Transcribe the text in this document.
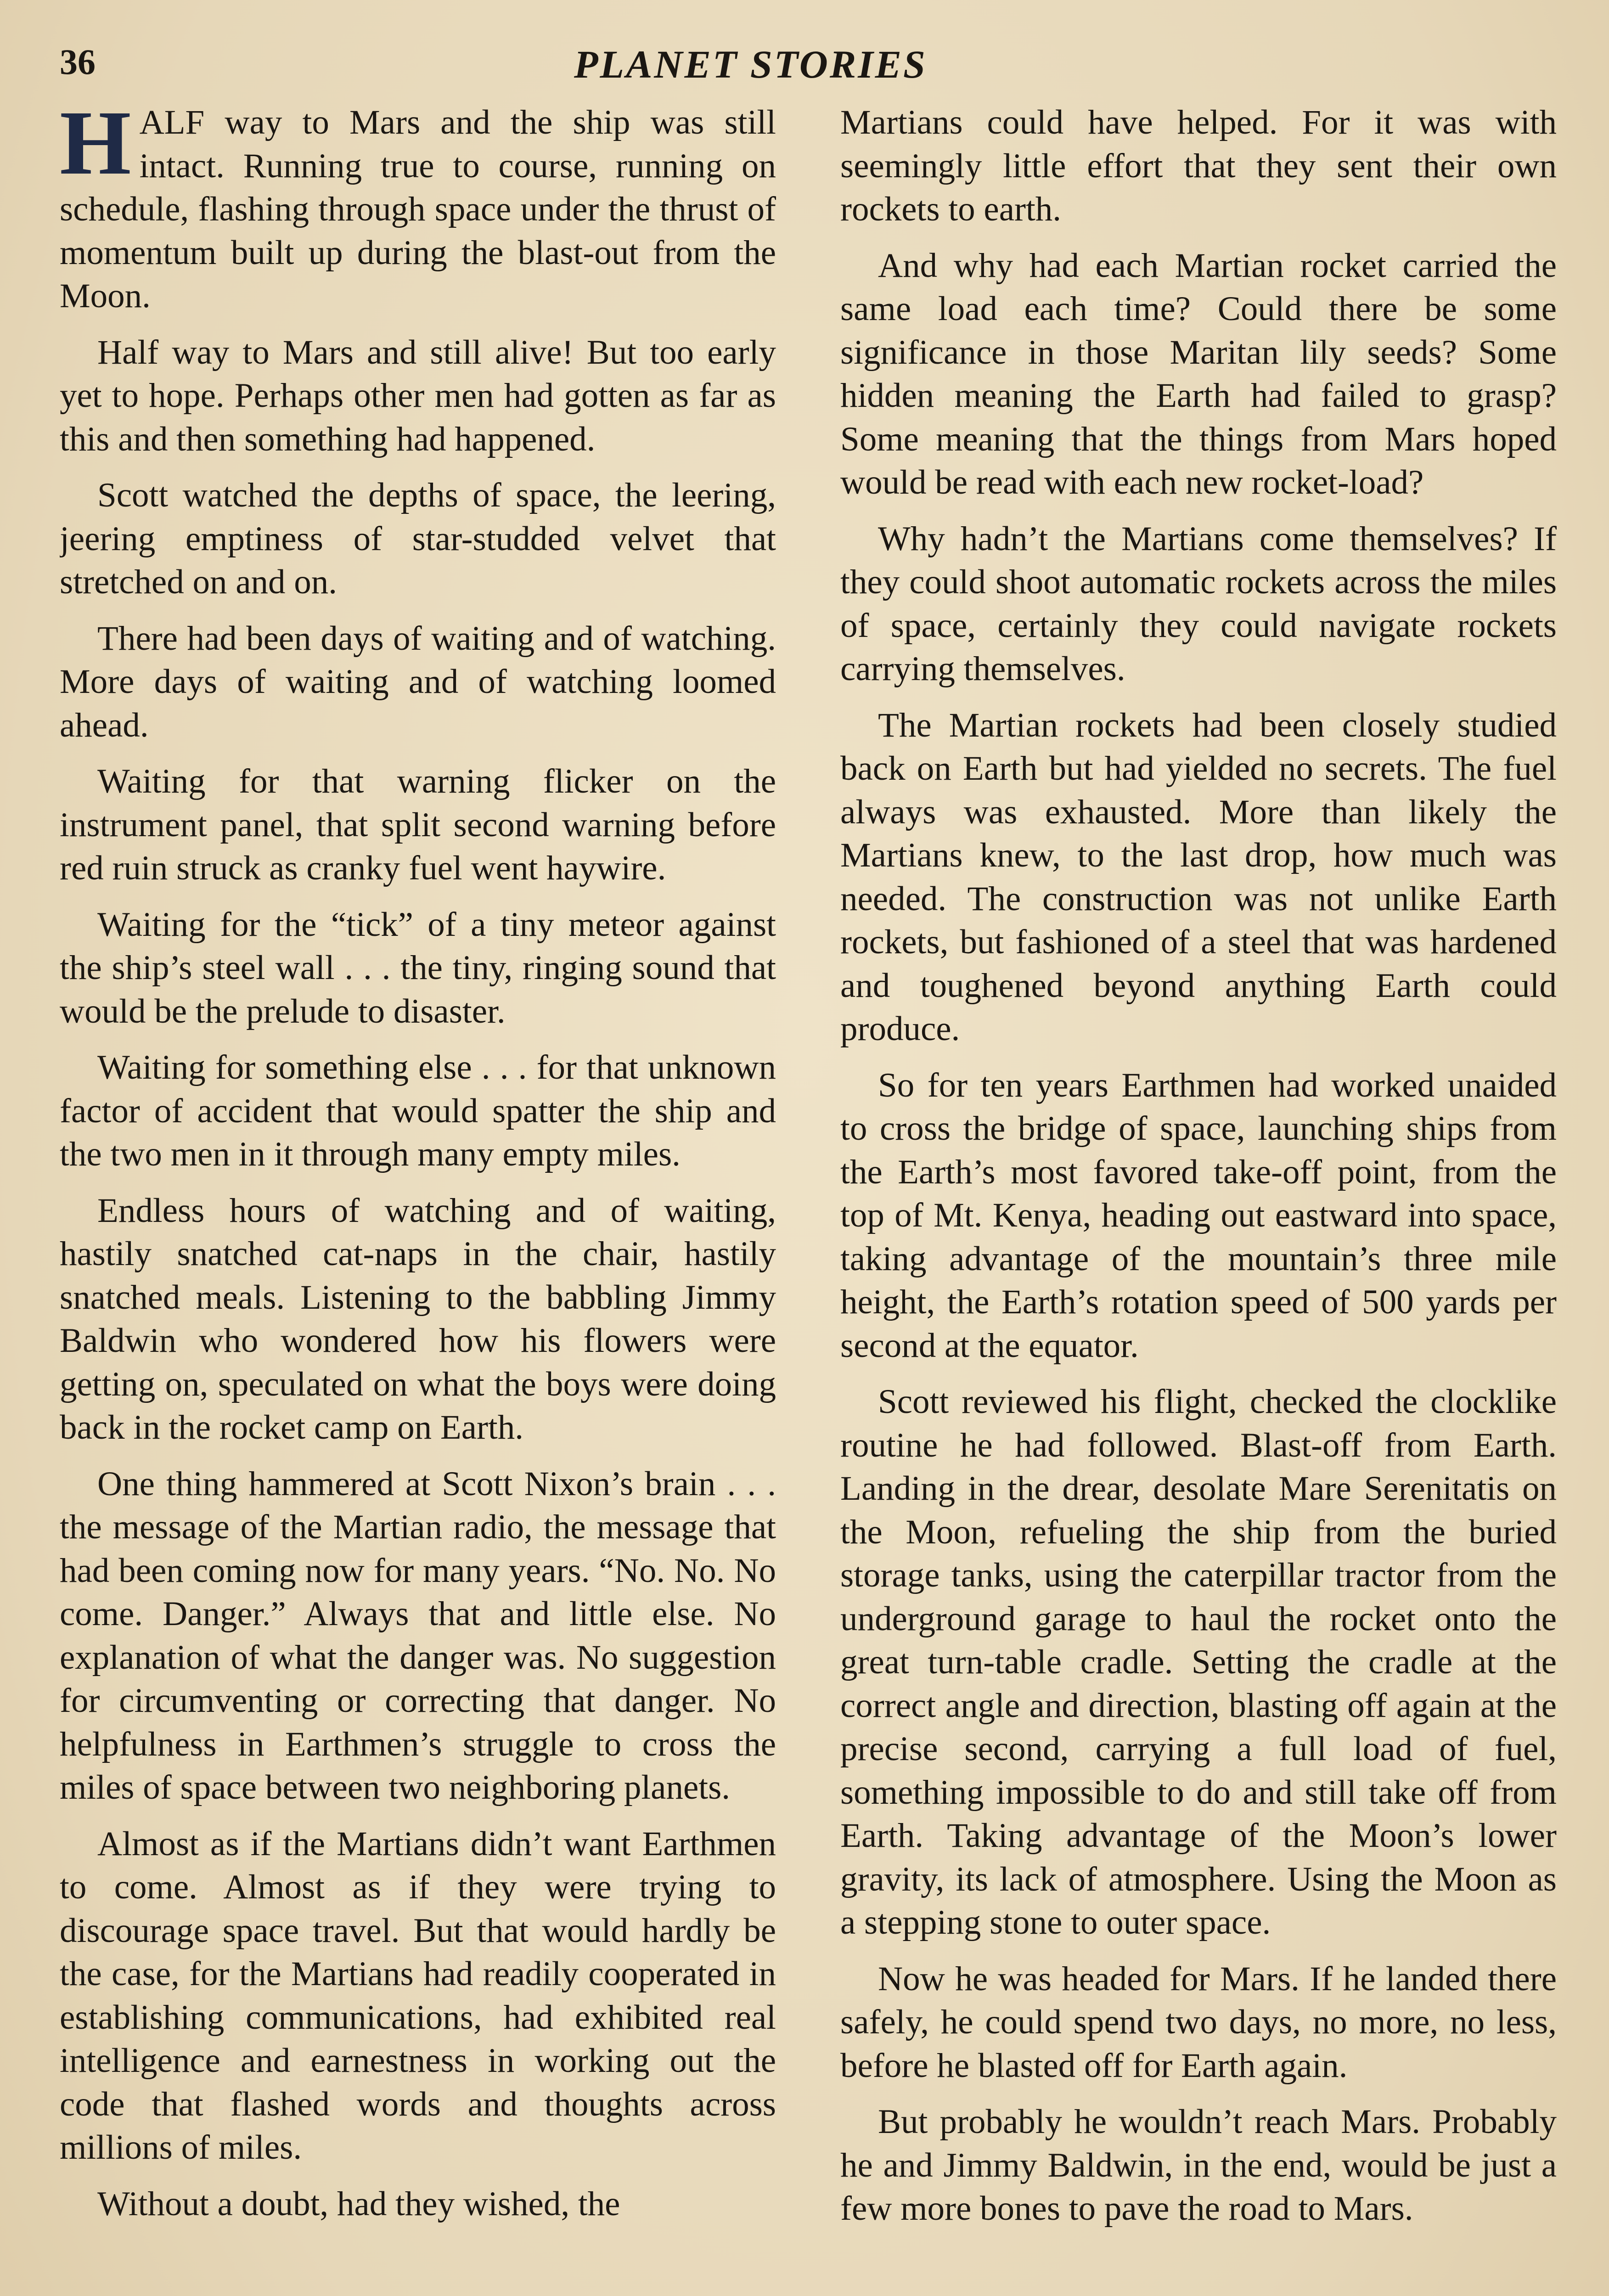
36	PLANET STORIES

HALF way to Mars and the ship was still intact. Running true to course, running on schedule, flashing through space under the thrust of momentum built up during the blast-out from the Moon.

Half way to Mars and still alive! But too early yet to hope. Perhaps other men had gotten as far as this and then something had happened.

Scott watched the depths of space, the leering, jeering emptiness of star-studded velvet that stretched on and on.

There had been days of waiting and of watching. More days of waiting and of watching loomed ahead.

Waiting for that warning flicker on the instrument panel, that split second warning before red ruin struck as cranky fuel went haywire.

Waiting for the “tick” of a tiny meteor against the ship’s steel wall . . . the tiny, ringing sound that would be the prelude to disaster.

Waiting for something else . . . for that unknown factor of accident that would spatter the ship and the two men in it through many empty miles.

Endless hours of watching and of waiting, hastily snatched cat-naps in the chair, hastily snatched meals. Listening to the babbling Jimmy Baldwin who wondered how his flowers were getting on, speculated on what the boys were doing back in the rocket camp on Earth.

One thing hammered at Scott Nixon’s brain . . . the message of the Martian radio, the message that had been coming now for many years. “No. No. No come. Danger.” Always that and little else. No explanation of what the danger was. No suggestion for circumventing or correcting that danger. No helpfulness in Earthmen’s struggle to cross the miles of space between two neighboring planets.

Almost as if the Martians didn’t want Earthmen to come. Almost as if they were trying to discourage space travel. But that would hardly be the case, for the Martians had readily cooperated in establishing communications, had exhibited real intelligence and earnestness in working out the code that flashed words and thoughts across millions of miles.

Without a doubt, had they wished, the

Martians could have helped. For it was with seemingly little effort that they sent their own rockets to earth.

And why had each Martian rocket carried the same load each time? Could there be some significance in those Maritan lily seeds? Some hidden meaning the Earth had failed to grasp? Some meaning that the things from Mars hoped would be read with each new rocket-load?

Why hadn’t the Martians come themselves? If they could shoot automatic rockets across the miles of space, certainly they could navigate rockets carrying themselves.

The Martian rockets had been closely studied back on Earth but had yielded no secrets. The fuel always was exhausted. More than likely the Martians knew, to the last drop, how much was needed. The construction was not unlike Earth rockets, but fashioned of a steel that was hardened and toughened beyond anything Earth could produce.

So for ten years Earthmen had worked unaided to cross the bridge of space, launching ships from the Earth’s most favored take-off point, from the top of Mt. Kenya, heading out eastward into space, taking advantage of the mountain’s three mile height, the Earth’s rotation speed of 500 yards per second at the equator.

Scott reviewed his flight, checked the clocklike routine he had followed. Blast-off from Earth. Landing in the drear, desolate Mare Serenitatis on the Moon, refueling the ship from the buried storage tanks, using the caterpillar tractor from the underground garage to haul the rocket onto the great turn-table cradle. Setting the cradle at the correct angle and direction, blasting off again at the precise second, carrying a full load of fuel, something impossible to do and still take off from Earth. Taking advantage of the Moon’s lower gravity, its lack of atmosphere. Using the Moon as a stepping stone to outer space.

Now he was headed for Mars. If he landed there safely, he could spend two days, no more, no less, before he blasted off for Earth again.

But probably he wouldn’t reach Mars. Probably he and Jimmy Baldwin, in the end, would be just a few more bones to pave the road to Mars.
